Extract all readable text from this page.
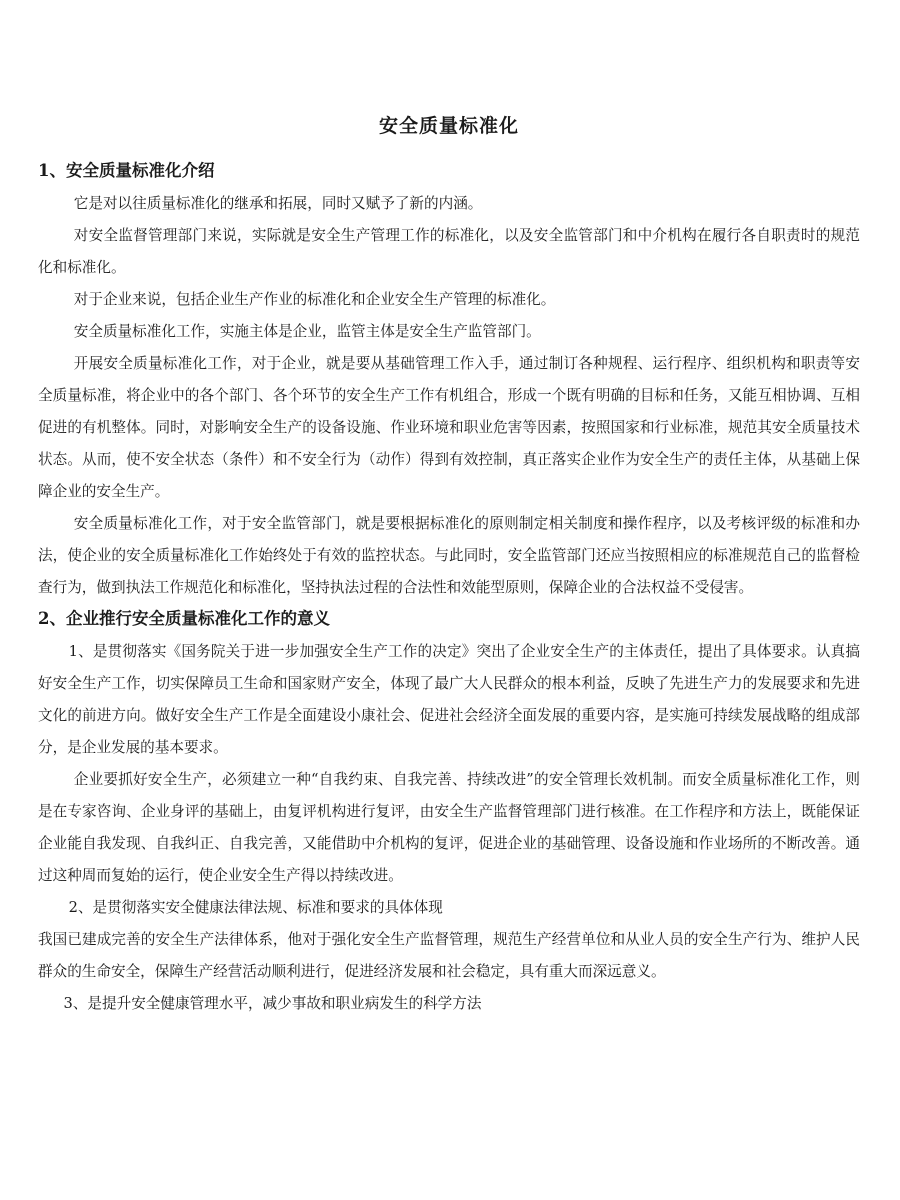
安全质量标准化
1、安全质量标准化介绍

它是对以往质量标准化的继承和拓展，同时又赋予了新的内涵。

对安全监督管理部门来说，实际就是安全生产管理工作的标准化，以及安全监管部门和中介机构在履行各自职责时的规范化和标准化。

对于企业来说，包括企业生产作业的标准化和企业安全生产管理的标准化。

安全质量标准化工作，实施主体是企业，监管主体是安全生产监管部门。

开展安全质量标准化工作，对于企业，就是要从基础管理工作入手，通过制订各种规程、运行程序、组织机构和职责等安全质量标准，将企业中的各个部门、各个环节的安全生产工作有机组合，形成一个既有明确的目标和任务，又能互相协调、互相促进的有机整体。同时，对影响安全生产的设备设施、作业环境和职业危害等因素，按照国家和行业标准，规范其安全质量技术状态。从而，使不安全状态（条件）和不安全行为（动作）得到有效控制，真正落实企业作为安全生产的责任主体，从基础上保障企业的安全生产。

安全质量标准化工作，对于安全监管部门，就是要根据标准化的原则制定相关制度和操作程序，以及考核评级的标准和办法，使企业的安全质量标准化工作始终处于有效的监控状态。与此同时，安全监管部门还应当按照相应的标准规范自己的监督检查行为，做到执法工作规范化和标准化，坚持执法过程的合法性和效能型原则，保障企业的合法权益不受侵害。

2、企业推行安全质量标准化工作的意义

1、是贯彻落实《国务院关于进一步加强安全生产工作的决定》突出了企业安全生产的主体责任，提出了具体要求。认真搞好安全生产工作，切实保障员工生命和国家财产安全，体现了最广大人民群众的根本利益，反映了先进生产力的发展要求和先进文化的前进方向。做好安全生产工作是全面建设小康社会、促进社会经济全面发展的重要内容，是实施可持续发展战略的组成部分，是企业发展的基本要求。

企业要抓好安全生产，必须建立一种“自我约束、自我完善、持续改进”的安全管理长效机制。而安全质量标准化工作，则是在专家咨询、企业身评的基础上，由复评机构进行复评，由安全生产监督管理部门进行核准。在工作程序和方法上，既能保证企业能自我发现、自我纠正、自我完善，又能借助中介机构的复评，促进企业的基础管理、设备设施和作业场所的不断改善。通过这种周而复始的运行，使企业安全生产得以持续改进。

2、是贯彻落实安全健康法律法规、标准和要求的具体体现

我国已建成完善的安全生产法律体系，他对于强化安全生产监督管理，规范生产经营单位和从业人员的安全生产行为、维护人民群众的生命安全，保障生产经营活动顺利进行，促进经济发展和社会稳定，具有重大而深远意义。

3、是提升安全健康管理水平，减少事故和职业病发生的科学方法
